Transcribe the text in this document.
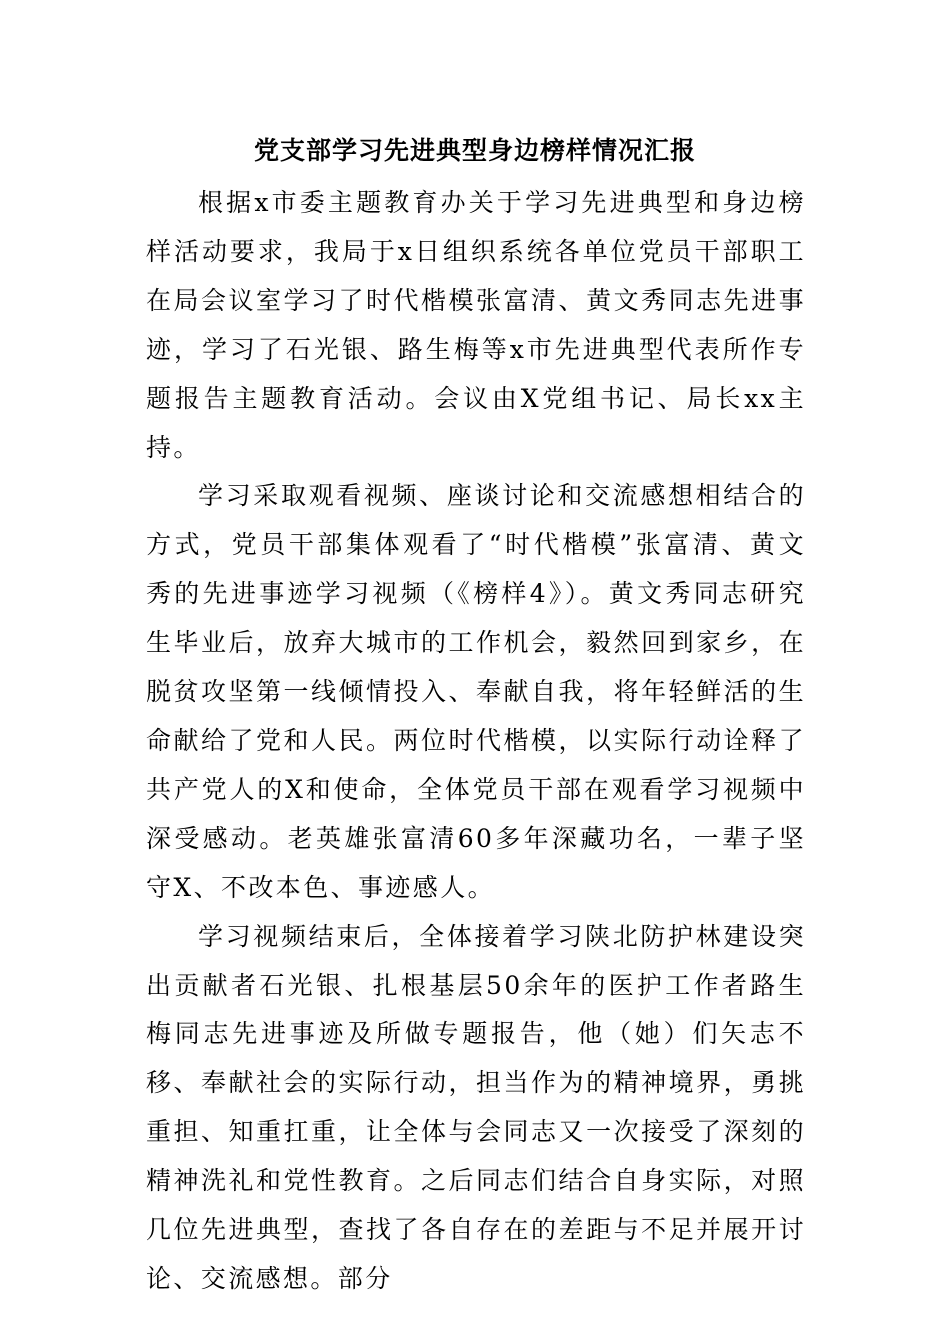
党支部学习先进典型身边榜样情况汇报

根据x市委主题教育办关于学习先进典型和身边榜样活动要求，我局于x日组织系统各单位党员干部职工在局会议室学习了时代楷模张富清、黄文秀同志先进事迹，学习了石光银、路生梅等x市先进典型代表所作专题报告主题教育活动。会议由X党组书记、局长xx主持。

学习采取观看视频、座谈讨论和交流感想相结合的方式，党员干部集体观看了“时代楷模”张富清、黄文秀的先进事迹学习视频（《榜样4》）。黄文秀同志研究生毕业后，放弃大城市的工作机会，毅然回到家乡，在脱贫攻坚第一线倾情投入、奉献自我，将年轻鲜活的生命献给了党和人民。两位时代楷模，以实际行动诠释了共产党人的X和使命，全体党员干部在观看学习视频中深受感动。老英雄张富清60多年深藏功名，一辈子坚守X、不改本色、事迹感人。

学习视频结束后，全体接着学习陕北防护林建设突出贡献者石光银、扎根基层50余年的医护工作者路生梅同志先进事迹及所做专题报告，他（她）们矢志不移、奉献社会的实际行动，担当作为的精神境界，勇挑重担、知重扛重，让全体与会同志又一次接受了深刻的精神洗礼和党性教育。之后同志们结合自身实际，对照几位先进典型，查找了各自存在的差距与不足并展开讨论、交流感想。部分
